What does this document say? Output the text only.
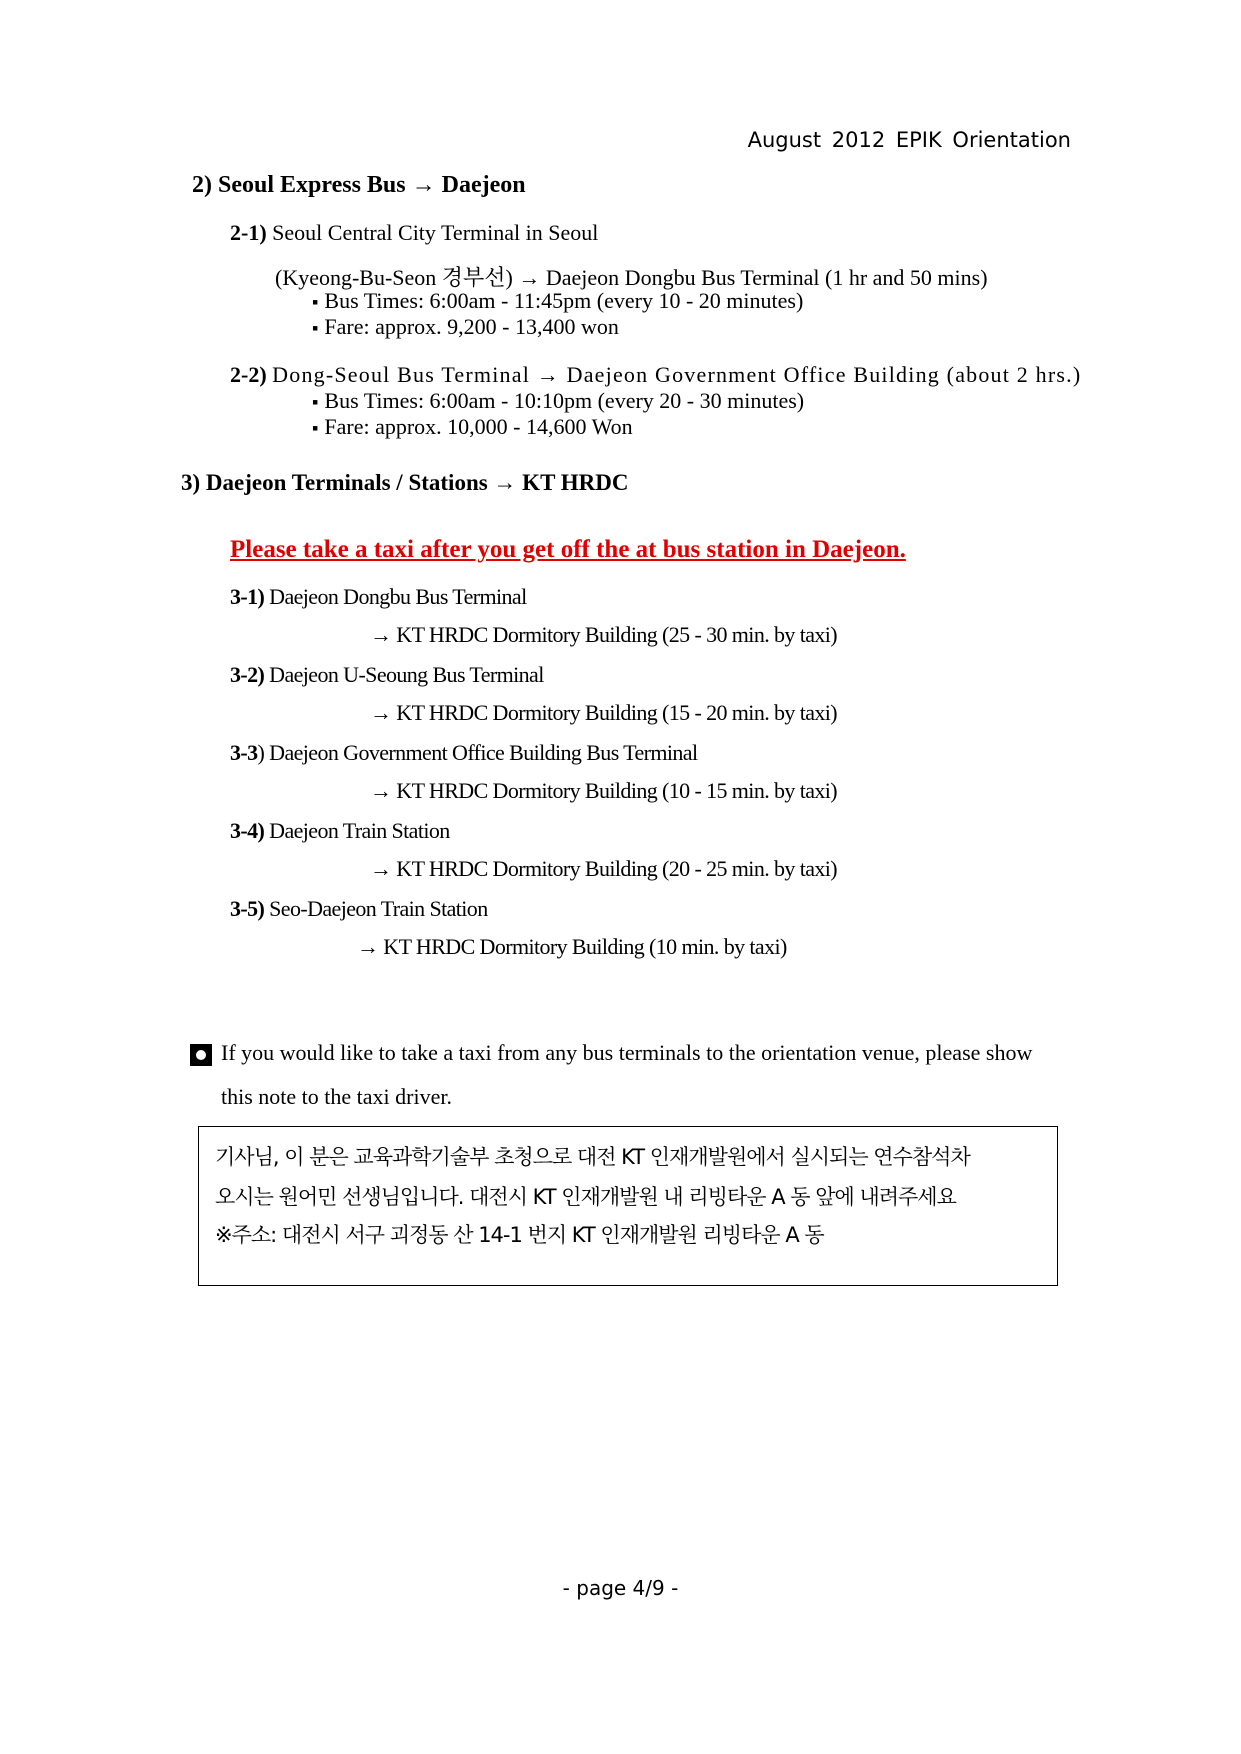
August 2012 EPIK Orientation
2) Seoul Express Bus → Daejeon
2-1) Seoul Central City Terminal in Seoul
(Kyeong-Bu-Seon 경부선) → Daejeon Dongbu Bus Terminal (1 hr and 50 mins)
▪ Bus Times: 6:00am - 11:45pm (every 10 - 20 minutes)
▪ Fare: approx. 9,200 - 13,400 won
2-2) Dong-Seoul Bus Terminal → Daejeon Government Office Building (about 2 hrs.)
▪ Bus Times: 6:00am - 10:10pm (every 20 - 30 minutes)
▪ Fare: approx. 10,000 - 14,600 Won
3) Daejeon Terminals / Stations → KT HRDC
Please take a taxi after you get off the at bus station in Daejeon.
3-1) Daejeon Dongbu Bus Terminal
→ KT HRDC Dormitory Building (25 - 30 min. by taxi)
3-2) Daejeon U-Seoung Bus Terminal
→ KT HRDC Dormitory Building (15 - 20 min. by taxi)
3-3) Daejeon Government Office Building Bus Terminal
→ KT HRDC Dormitory Building (10 - 15 min. by taxi)
3-4) Daejeon Train Station
→ KT HRDC Dormitory Building (20 - 25 min. by taxi)
3-5) Seo-Daejeon Train Station
→ KT HRDC Dormitory Building (10 min. by taxi)
If you would like to take a taxi from any bus terminals to the orientation venue, please show
this note to the taxi driver.
기사님, 이 분은 교육과학기술부 초청으로 대전 KT 인재개발원에서 실시되는 연수참석차
오시는 원어민 선생님입니다. 대전시 KT 인재개발원 내 리빙타운 A 동 앞에 내려주세요
※주소: 대전시 서구 괴정동 산 14-1 번지 KT 인재개발원 리빙타운 A 동
- page 4/9 -
